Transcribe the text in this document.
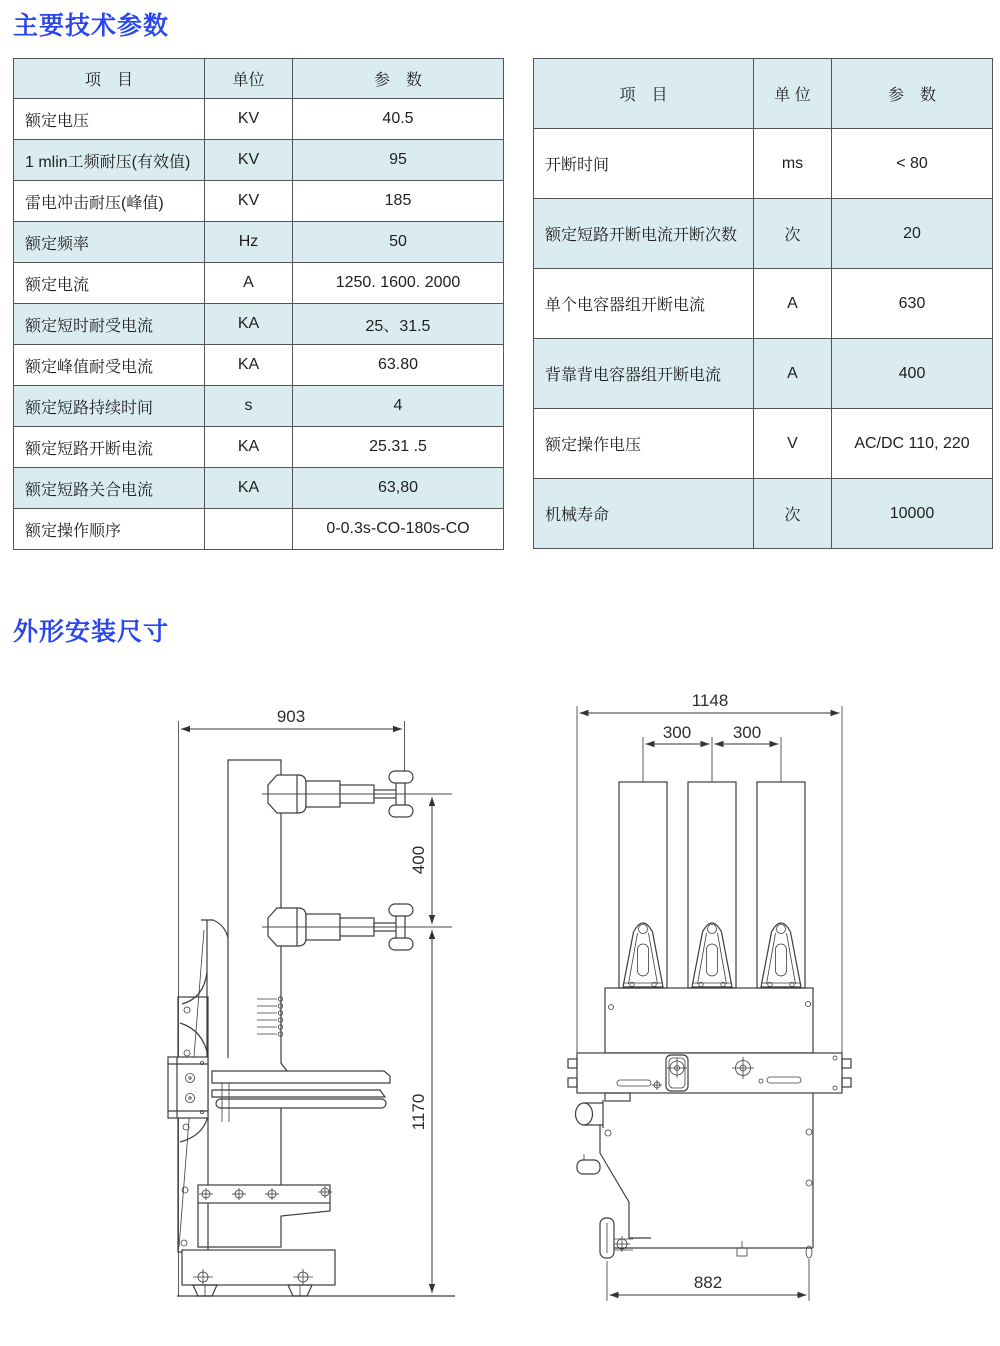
主要技术参数
项　目	单位	参　数
额定电压	KV	40.5
1 mlin工频耐压(有效值)	KV	95
雷电冲击耐压(峰值)	KV	185
额定频率	Hz	50
额定电流	A	1250. 1600. 2000
额定短时耐受电流	KA	25、31.5
额定峰值耐受电流	KA	63.80
额定短路持续时间	s	4
额定短路开断电流	KA	25.31 .5
额定短路关合电流	KA	63,80
额定操作顺序		0-0.3s-CO-180s-CO
项　目	单 位	参　数
开断时间	ms	< 80
额定短路开断电流开断次数	次	20
单个电容器组开断电流	A	630
背靠背电容器组开断电流	A	400
额定操作电压	V	AC/DC 110, 220
机械寿命	次	10000
外形安装尺寸
903
400
1170
1148
300 300
882
